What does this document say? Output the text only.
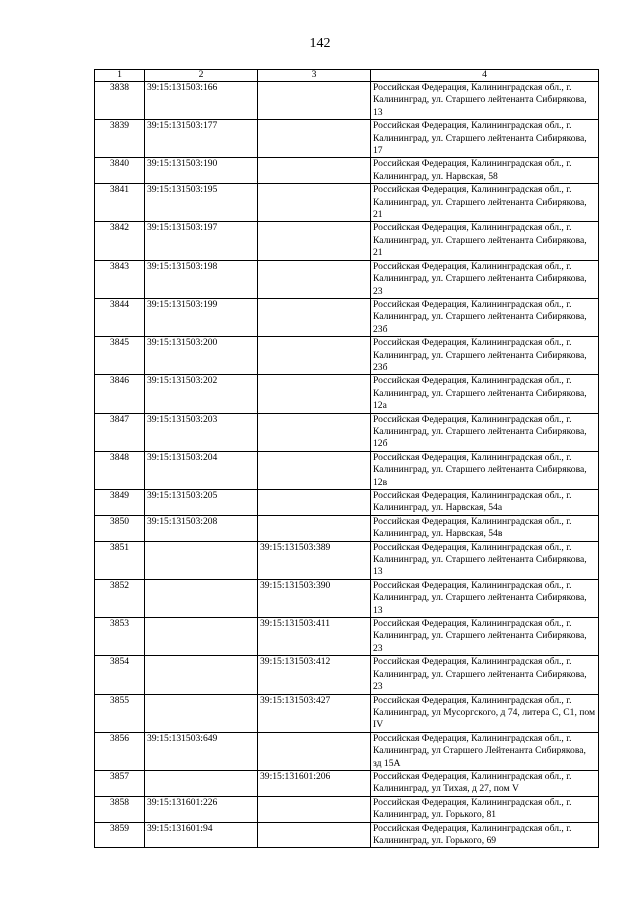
142
1	2	3	4
3838	39:15:131503:166		Российская Федерация, Калининградская обл., г. Калининград, ул. Старшего лейтенанта Сибирякова, 13
3839	39:15:131503:177		Российская Федерация, Калининградская обл., г. Калининград, ул. Старшего лейтенанта Сибирякова, 17
3840	39:15:131503:190		Российская Федерация, Калининградская обл., г. Калининград, ул. Нарвская, 58
3841	39:15:131503:195		Российская Федерация, Калининградская обл., г. Калининград, ул. Старшего лейтенанта Сибирякова, 21
3842	39:15:131503:197		Российская Федерация, Калининградская обл., г. Калининград, ул. Старшего лейтенанта Сибирякова, 21
3843	39:15:131503:198		Российская Федерация, Калининградская обл., г. Калининград, ул. Старшего лейтенанта Сибирякова, 23
3844	39:15:131503:199		Российская Федерация, Калининградская обл., г. Калининград, ул. Старшего лейтенанта Сибирякова, 23б
3845	39:15:131503:200		Российская Федерация, Калининградская обл., г. Калининград, ул. Старшего лейтенанта Сибирякова, 23б
3846	39:15:131503:202		Российская Федерация, Калининградская обл., г. Калининград, ул. Старшего лейтенанта Сибирякова, 12а
3847	39:15:131503:203		Российская Федерация, Калининградская обл., г. Калининград, ул. Старшего лейтенанта Сибирякова, 12б
3848	39:15:131503:204		Российская Федерация, Калининградская обл., г. Калининград, ул. Старшего лейтенанта Сибирякова, 12в
3849	39:15:131503:205		Российская Федерация, Калининградская обл., г. Калининград, ул. Нарвская, 54а
3850	39:15:131503:208		Российская Федерация, Калининградская обл., г. Калининград, ул. Нарвская, 54в
3851		39:15:131503:389	Российская Федерация, Калининградская обл., г. Калининград, ул. Старшего лейтенанта Сибирякова, 13
3852		39:15:131503:390	Российская Федерация, Калининградская обл., г. Калининград, ул. Старшего лейтенанта Сибирякова, 13
3853		39:15:131503:411	Российская Федерация, Калининградская обл., г. Калининград, ул. Старшего лейтенанта Сибирякова, 23
3854		39:15:131503:412	Российская Федерация, Калининградская обл., г. Калининград, ул. Старшего лейтенанта Сибирякова, 23
3855		39:15:131503:427	Российская Федерация, Калининградская обл., г. Калининград, ул Мусоргского, д 74, литера С, С1, пом IV
3856	39:15:131503:649		Российская Федерация, Калининградская обл., г. Калининград, ул Старшего Лейтенанта Сибирякова, зд 15А
3857		39:15:131601:206	Российская Федерация, Калининградская обл., г. Калининград, ул Тихая, д 27, пом V
3858	39:15:131601:226		Российская Федерация, Калининградская обл., г. Калининград, ул. Горького, 81
3859	39:15:131601:94		Российская Федерация, Калининградская обл., г. Калининград, ул. Горького, 69
